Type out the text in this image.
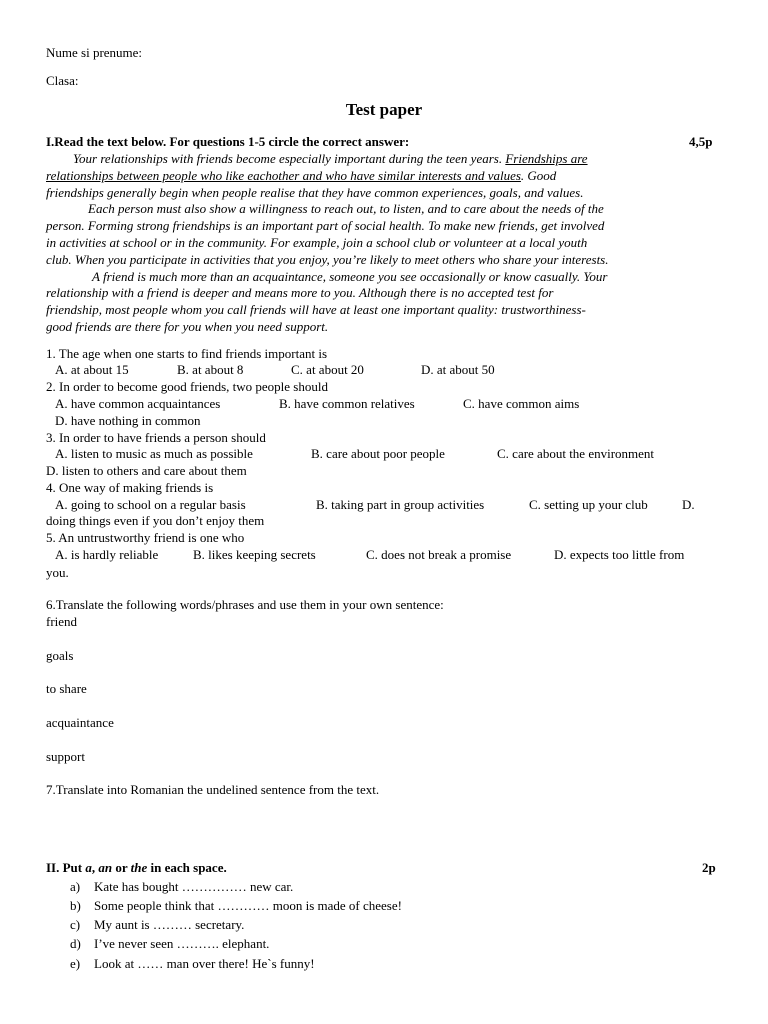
Nume si prenume:
Clasa:
Test paper
I.Read the text below. For questions 1-5 circle the correct answer:	4,5p
Your relationships with friends become especially important during the teen years. Friendships are
relationships between people who like eachother and who have similar interests and values. Good
friendships generally begin when people realise that they have common experiences, goals, and values.
Each person must also show a willingness to reach out, to listen, and to care about the needs of the
person. Forming strong friendships is an important part of social health. To make new friends, get involved
in activities at school or in the community. For example, join a school club or volunteer at a local youth
club. When you participate in activities that you enjoy, you’re likely to meet others who share your interests.
A friend is much more than an acquaintance, someone you see occasionally or know casually. Your
relationship with a friend is deeper and means more to you. Although there is no accepted test for
friendship, most people whom you call friends will have at least one important quality: trustworthiness-
good friends are there for you when you need support.
1. The age when one starts to find friends important is
A. at about 15	B. at about 8	C. at about 20	D. at about 50
2. In order to become good friends, two people should
A. have common acquaintances	B. have common relatives	C. have common aims
D. have nothing in common
3. In order to have friends a person should
A. listen to music as much as possible	B. care about poor people	C. care about the environment
D. listen to others and care about them
4. One way of making friends is
A. going to school on a regular basis	B. taking part in group activities	C. setting up your club	D.
doing things even if you don’t enjoy them
5. An untrustworthy friend is one who
A. is hardly reliable	B. likes keeping secrets	C. does not break a promise	D. expects too little from
you.
6.Translate the following words/phrases and use them in your own sentence:
friend
goals
to share
acquaintance
support
7.Translate into Romanian the undelined sentence from the text.
II. Put a, an or the in each space.	2p
a) Kate has bought …………… new car.
b) Some people think that ………… moon is made of cheese!
c) My aunt is ……… secretary.
d) I’ve never seen ………. elephant.
e) Look at …… man over there! He`s funny!
